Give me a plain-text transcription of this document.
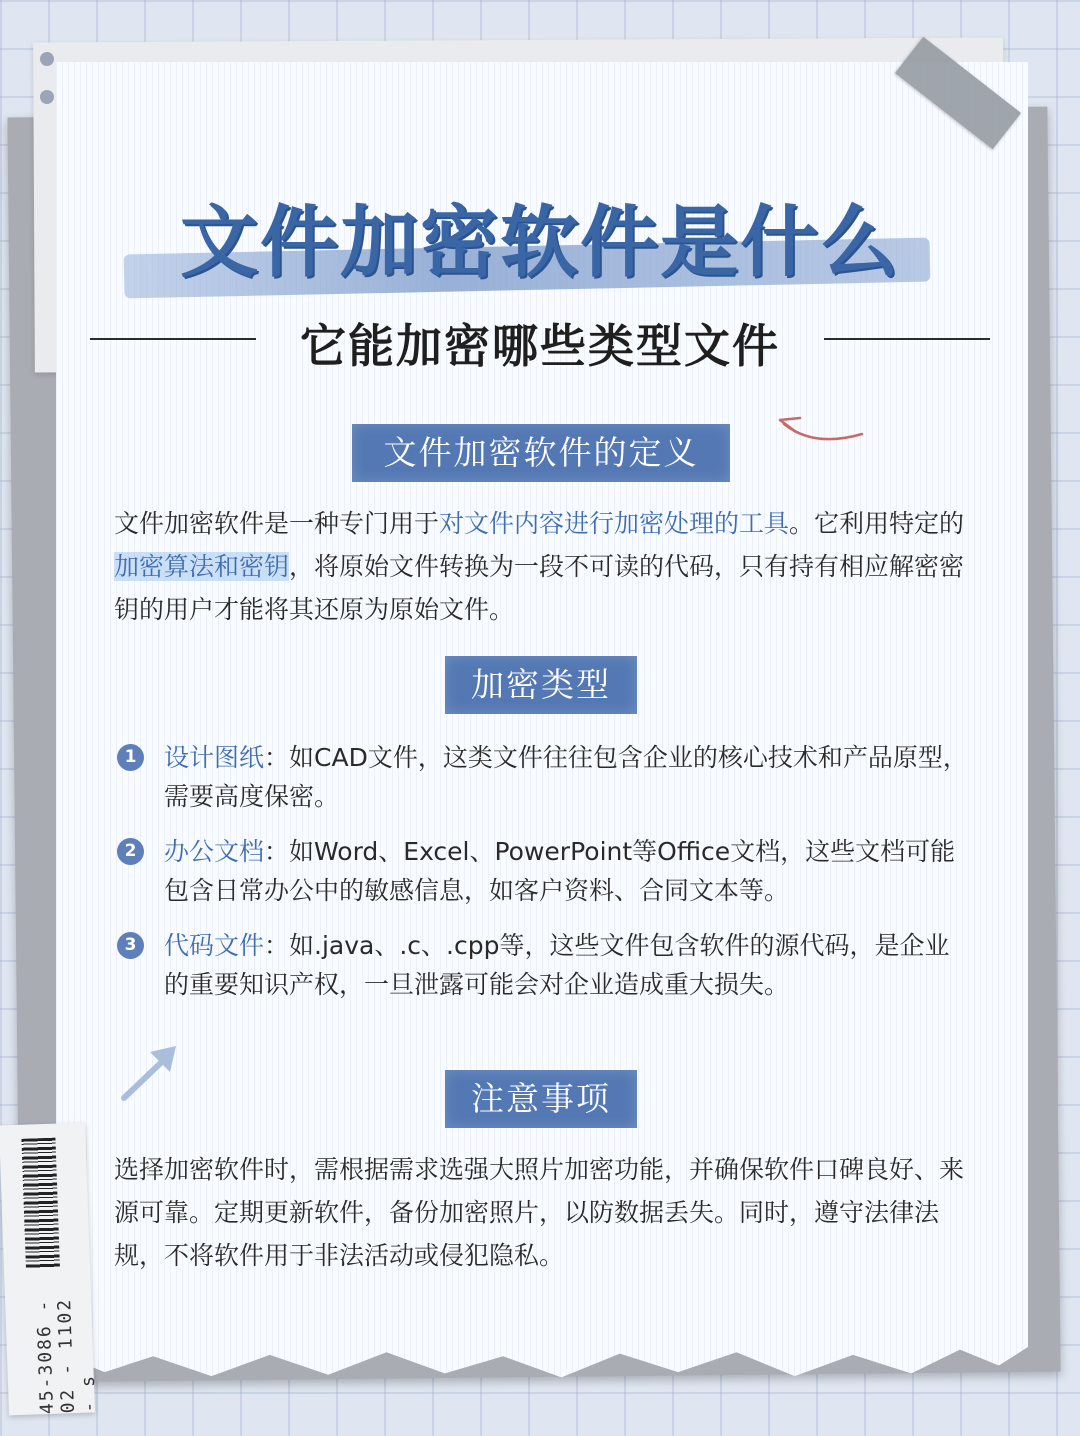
45-3086 - 02 - 1102 - s
文件加密软件是什么
它能加密哪些类型文件
文件加密软件的定义

文件加密软件是一种专门用于对文件内容进行加密处理的工具。它利用特定的加密算法和密钥，将原始文件转换为一段不可读的代码，只有持有相应解密密钥的用户才能将其还原为原始文件。

加密类型
1	设计图纸：如CAD文件，这类文件往往包含企业的核心技术和产品原型，需要高度保密。
2	办公文档：如Word、Excel、PowerPoint等Office文档，这些文档可能包含日常办公中的敏感信息，如客户资料、合同文本等。
3	代码文件：如.java、.c、.cpp等，这些文件包含软件的源代码，是企业的重要知识产权，一旦泄露可能会对企业造成重大损失。
注意事项

选择加密软件时，需根据需求选强大照片加密功能，并确保软件口碑良好、来源可靠。定期更新软件，备份加密照片，以防数据丢失。同时，遵守法律法规，不将软件用于非法活动或侵犯隐私。
